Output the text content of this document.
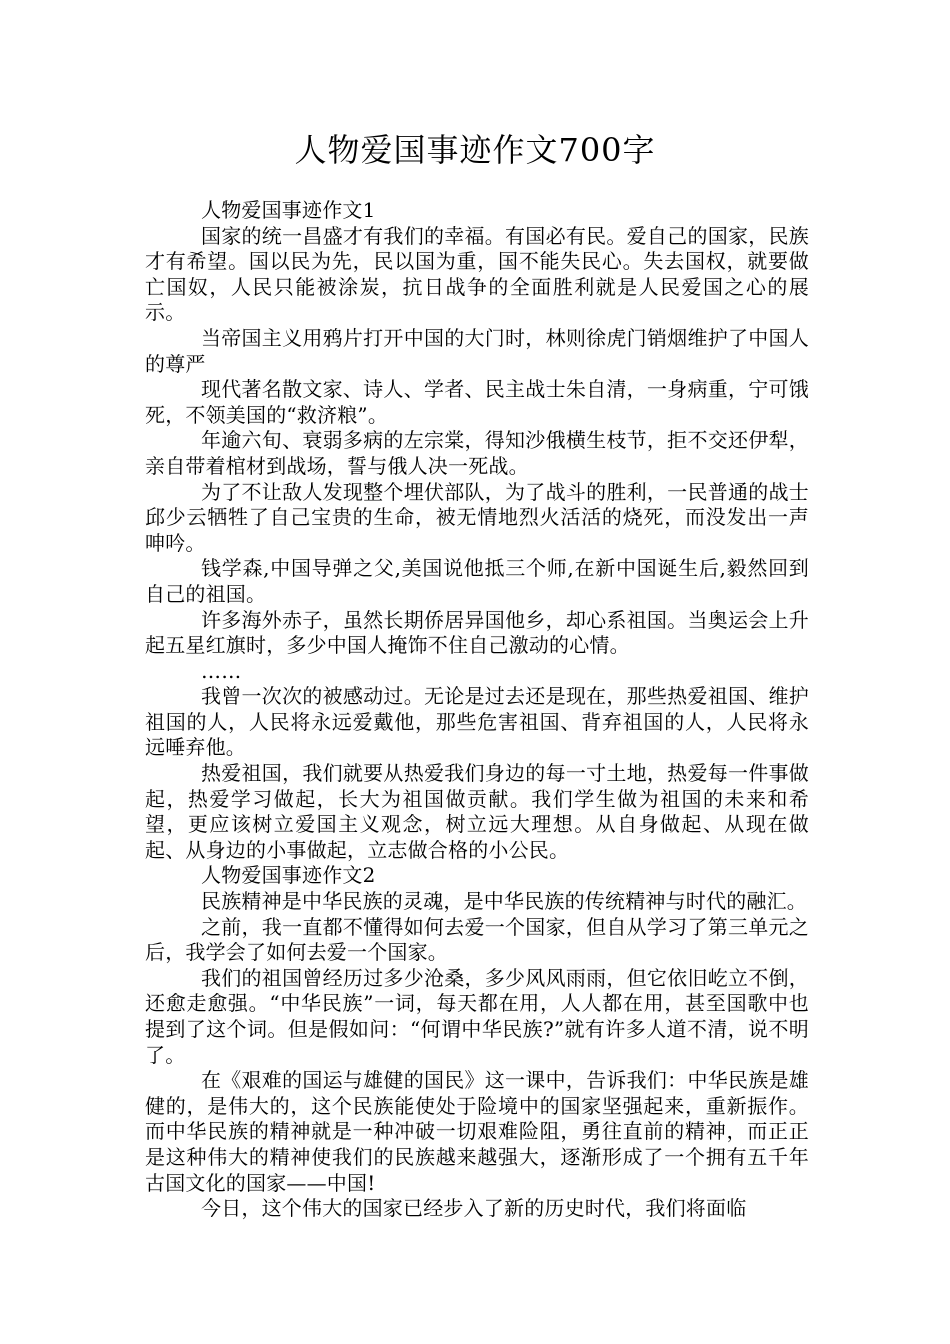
人物爱国事迹作文700字

人物爱国事迹作文1

国家的统一昌盛才有我们的幸福。有国必有民。爱自己的国家，民族才有希望。国以民为先，民以国为重，国不能失民心。失去国权，就要做亡国奴，人民只能被涂炭，抗日战争的全面胜利就是人民爱国之心的展示。

当帝国主义用鸦片打开中国的大门时，林则徐虎门销烟维护了中国人的尊严

现代著名散文家、诗人、学者、民主战士朱自清，一身病重，宁可饿死，不领美国的“救济粮”。

年逾六旬、衰弱多病的左宗棠，得知沙俄横生枝节，拒不交还伊犁，亲自带着棺材到战场，誓与俄人决一死战。

为了不让敌人发现整个埋伏部队，为了战斗的胜利，一民普通的战士邱少云牺牲了自己宝贵的生命，被无情地烈火活活的烧死，而没发出一声呻吟。

钱学森,中国导弹之父,美国说他抵三个师,在新中国诞生后,毅然回到自己的祖国。

许多海外赤子，虽然长期侨居异国他乡，却心系祖国。当奥运会上升起五星红旗时，多少中国人掩饰不住自己激动的心情。

……

我曾一次次的被感动过。无论是过去还是现在，那些热爱祖国、维护祖国的人，人民将永远爱戴他，那些危害祖国、背弃祖国的人，人民将永远唾弃他。

热爱祖国，我们就要从热爱我们身边的每一寸土地，热爱每一件事做起，热爱学习做起，长大为祖国做贡献。我们学生做为祖国的未来和希望，更应该树立爱国主义观念，树立远大理想。从自身做起、从现在做起、从身边的小事做起，立志做合格的小公民。

人物爱国事迹作文2

民族精神是中华民族的灵魂，是中华民族的传统精神与时代的融汇。

之前，我一直都不懂得如何去爱一个国家，但自从学习了第三单元之后，我学会了如何去爱一个国家。

我们的祖国曾经历过多少沧桑，多少风风雨雨，但它依旧屹立不倒，还愈走愈强。“中华民族”一词，每天都在用，人人都在用，甚至国歌中也提到了这个词。但是假如问：“何谓中华民族?”就有许多人道不清，说不明了。

在《艰难的国运与雄健的国民》这一课中，告诉我们：中华民族是雄健的，是伟大的，这个民族能使处于险境中的国家坚强起来，重新振作。而中华民族的精神就是一种冲破一切艰难险阻，勇往直前的精神，而正正是这种伟大的精神使我们的民族越来越强大，逐渐形成了一个拥有五千年古国文化的国家——中国!

今日，这个伟大的国家已经步入了新的历史时代，我们将面临
